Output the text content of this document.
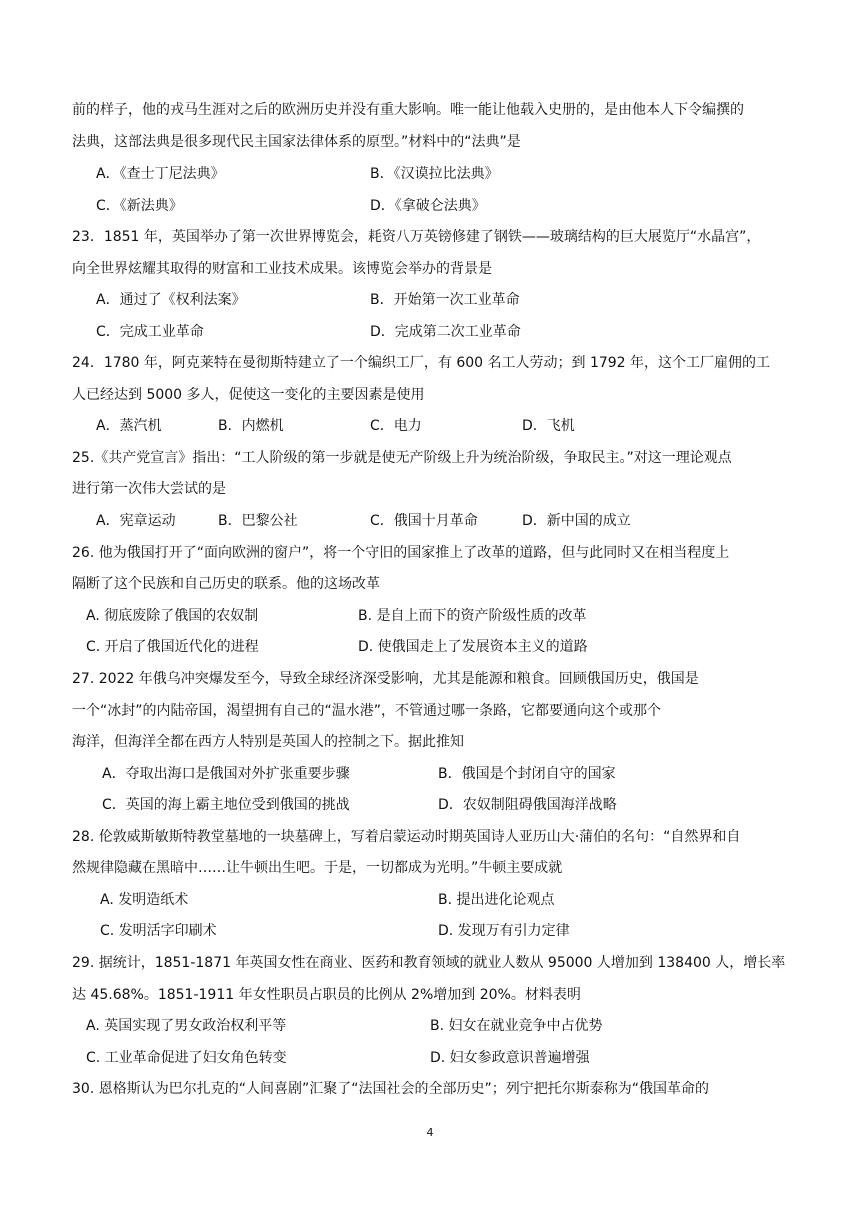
前的样子，他的戎马生涯对之后的欧洲历史并没有重大影响。唯一能让他载入史册的，是由他本人下令编撰的
法典，这部法典是很多现代民主国家法律体系的原型。”材料中的“法典”是
A．《查士丁尼法典》	B．《汉谟拉比法典》
C．《新法典》	D．《拿破仑法典》
23．1851 年，英国举办了第一次世界博览会，耗资八万英镑修建了钢铁——玻璃结构的巨大展览厅“水晶宫”，
向全世界炫耀其取得的财富和工业技术成果。该博览会举办的背景是
A．通过了《权利法案》	B．开始第一次工业革命
C．完成工业革命	D．完成第二次工业革命
24．1780 年，阿克莱特在曼彻斯特建立了一个编织工厂，有 600 名工人劳动；到 1792 年，这个工厂雇佣的工
人已经达到 5000 多人，促使这一变化的主要因素是使用
A．蒸汽机	B．内燃机	C．电力	D．飞机
25.《共产党宣言》指出：“工人阶级的第一步就是使无产阶级上升为统治阶级，争取民主。”对这一理论观点
进行第一次伟大尝试的是
A．宪章运动	B．巴黎公社	C．俄国十月革命	D．新中国的成立
26. 他为俄国打开了“面向欧洲的窗户”，将一个守旧的国家推上了改革的道路，但与此同时又在相当程度上
隔断了这个民族和自己历史的联系。他的这场改革
A. 彻底废除了俄国的农奴制	B. 是自上而下的资产阶级性质的改革
C. 开启了俄国近代化的进程	D. 使俄国走上了发展资本主义的道路
27. 2022 年俄乌冲突爆发至今，导致全球经济深受影响，尤其是能源和粮食。回顾俄国历史，俄国是
一个“冰封”的内陆帝国，渴望拥有自己的“温水港”，不管通过哪一条路，它都要通向这个或那个
海洋，但海洋全都在西方人特别是英国人的控制之下。据此推知
A．夺取出海口是俄国对外扩张重要步骤	B．俄国是个封闭自守的国家
C．英国的海上霸主地位受到俄国的挑战	D．农奴制阻碍俄国海洋战略
28. 伦敦威斯敏斯特教堂墓地的一块墓碑上，写着启蒙运动时期英国诗人亚历山大·蒲伯的名句：“自然界和自
然规律隐藏在黑暗中……让牛顿出生吧。于是，一切都成为光明。”牛顿主要成就
A. 发明造纸术	B. 提出进化论观点
C. 发明活字印刷术	D. 发现万有引力定律
29. 据统计，1851-1871 年英国女性在商业、医药和教育领域的就业人数从 95000 人增加到 138400 人，增长率
达 45.68%。1851-1911 年女性职员占职员的比例从 2%增加到 20%。材料表明
A. 英国实现了男女政治权利平等	B. 妇女在就业竞争中占优势
C. 工业革命促进了妇女角色转变	D. 妇女参政意识普遍增强
30. 恩格斯认为巴尔扎克的“人间喜剧”汇聚了“法国社会的全部历史”；列宁把托尔斯泰称为“俄国革命的
4
